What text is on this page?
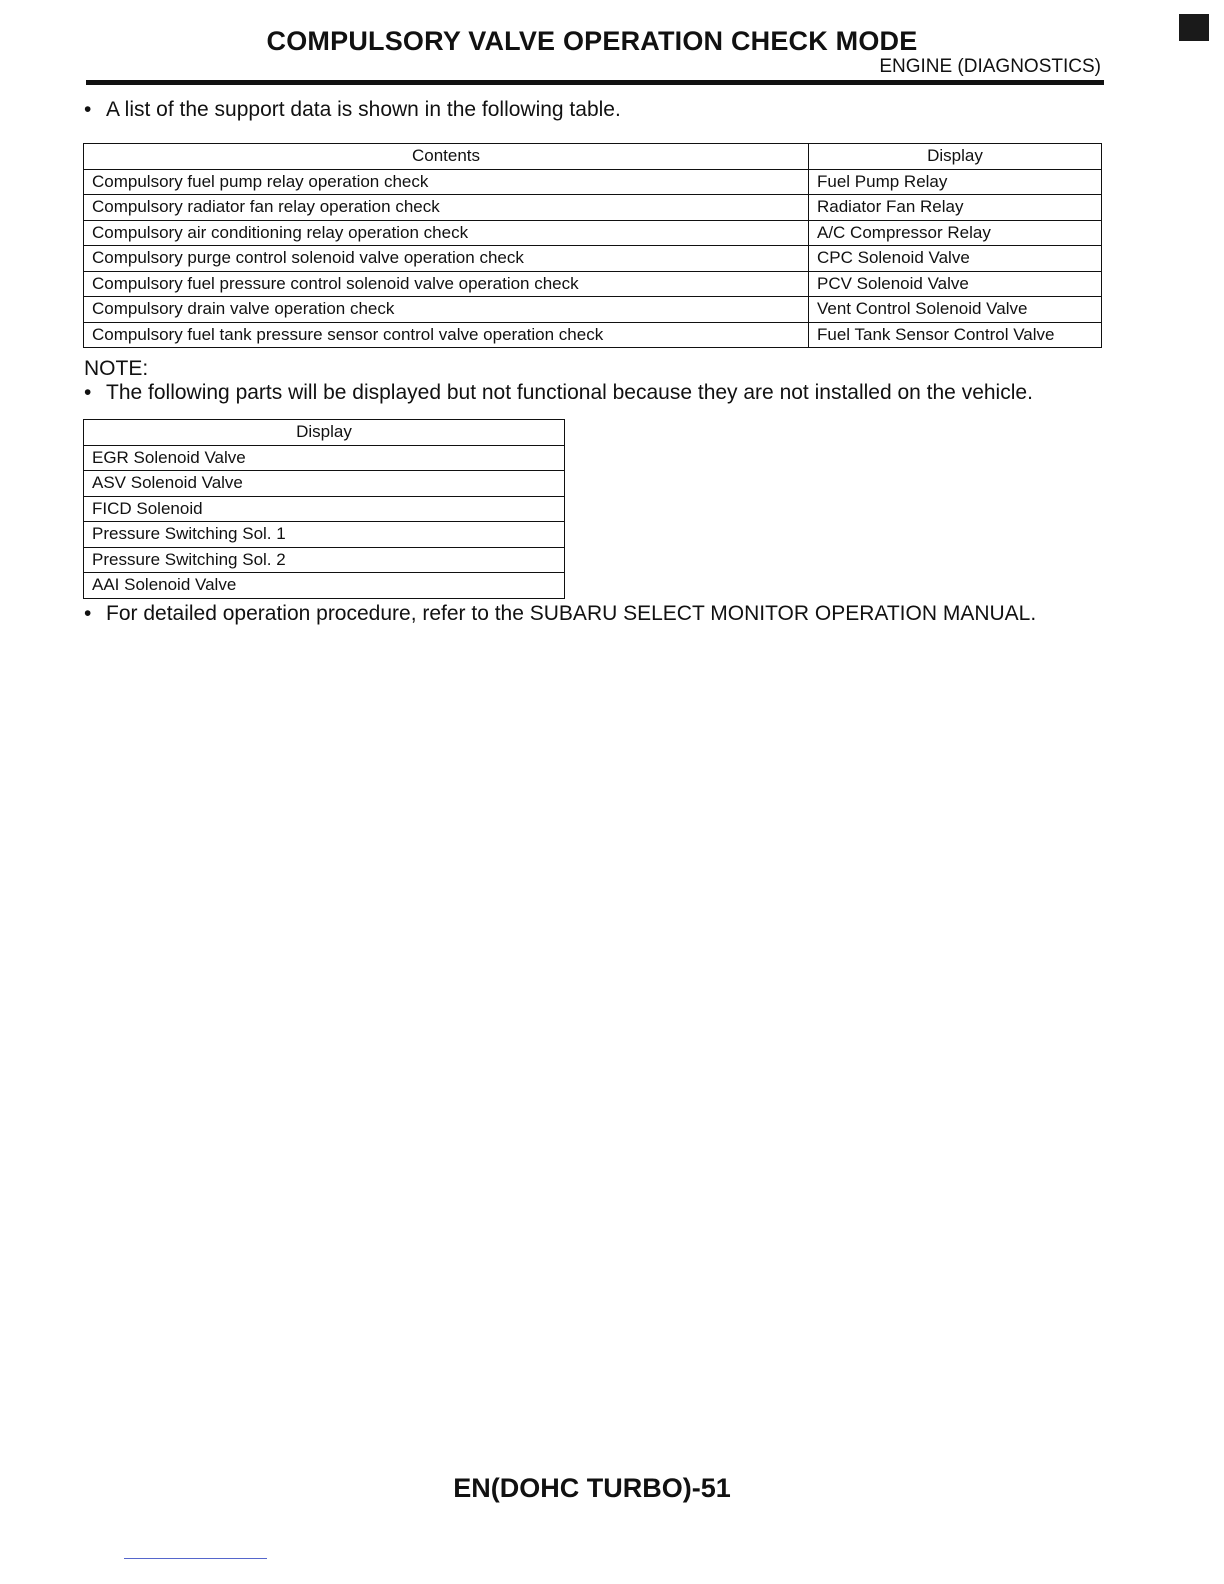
COMPULSORY VALVE OPERATION CHECK MODE
ENGINE (DIAGNOSTICS)
• A list of the support data is shown in the following table.
Contents	Display
Compulsory fuel pump relay operation check	Fuel Pump Relay
Compulsory radiator fan relay operation check	Radiator Fan Relay
Compulsory air conditioning relay operation check	A/C Compressor Relay
Compulsory purge control solenoid valve operation check	CPC Solenoid Valve
Compulsory fuel pressure control solenoid valve operation check	PCV Solenoid Valve
Compulsory drain valve operation check	Vent Control Solenoid Valve
Compulsory fuel tank pressure sensor control valve operation check	Fuel Tank Sensor Control Valve
NOTE:
• The following parts will be displayed but not functional because they are not installed on the vehicle.
Display
EGR Solenoid Valve
ASV Solenoid Valve
FICD Solenoid
Pressure Switching Sol. 1
Pressure Switching Sol. 2
AAI Solenoid Valve
• For detailed operation procedure, refer to the SUBARU SELECT MONITOR OPERATION MANUAL.
EN(DOHC TURBO)-51
